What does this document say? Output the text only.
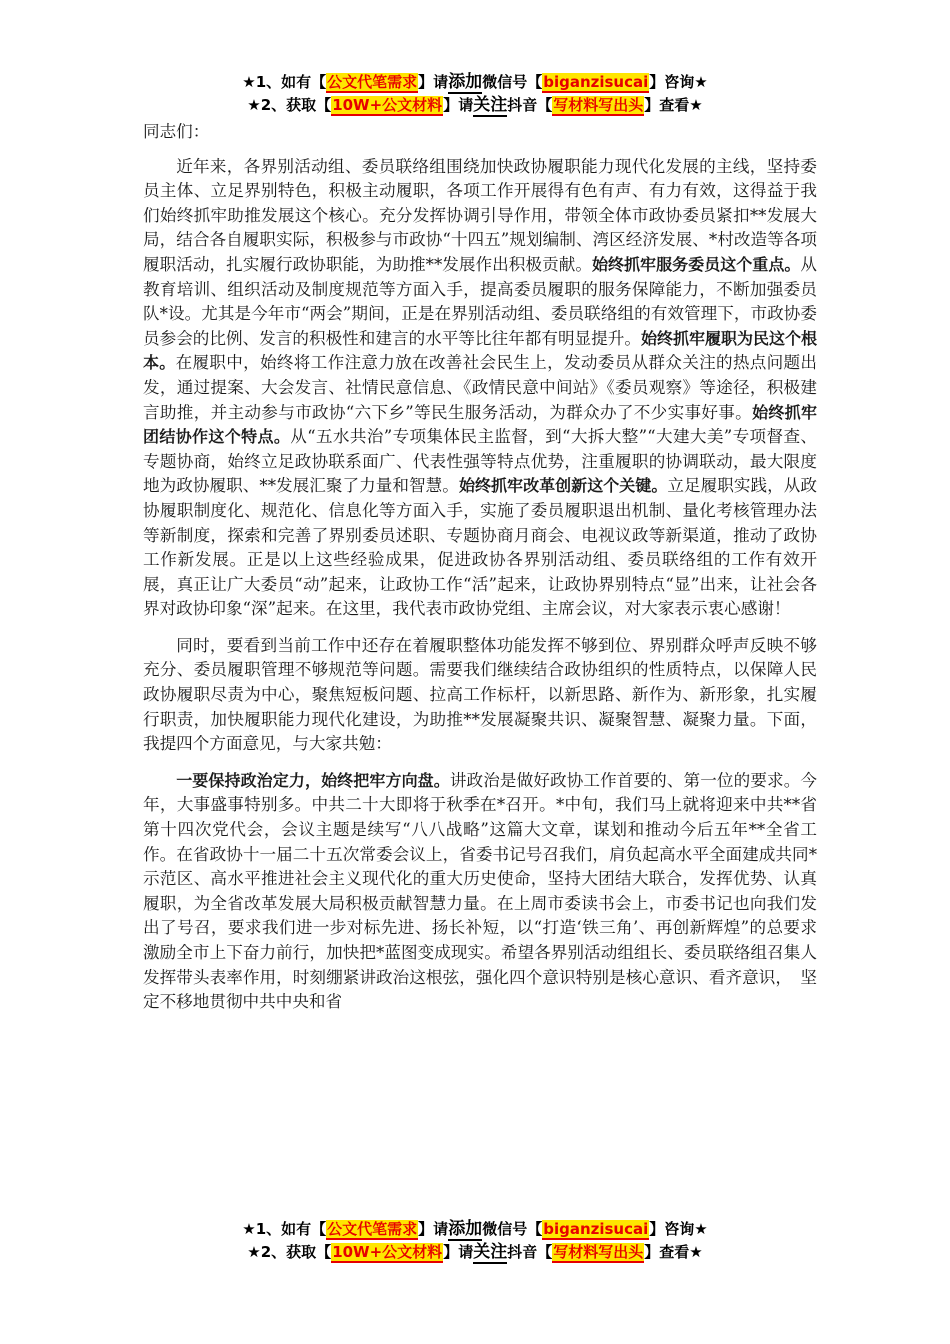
★1、如有【公文代笔需求】请添加微信号【biganzisucai】咨询★
★2、获取【10W+公文材料】请关注抖音【写材料写出头】查看★

同志们：

近年来，各界别活动组、委员联络组围绕加快政协履职能力现代化发展的主线，坚持委员主体、立足界别特色，积极主动履职，各项工作开展得有色有声、有力有效，这得益于我们始终抓牢助推发展这个核心。充分发挥协调引导作用，带领全体市政协委员紧扣**发展大局，结合各自履职实际，积极参与市政协“十四五”规划编制、湾区经济发展、*村改造等各项履职活动，扎实履行政协职能，为助推**发展作出积极贡献。始终抓牢服务委员这个重点。从教育培训、组织活动及制度规范等方面入手，提高委员履职的服务保障能力，不断加强委员队*设。尤其是今年市“两会”期间，正是在界别活动组、委员联络组的有效管理下，市政协委员参会的比例、发言的积极性和建言的水平等比往年都有明显提升。始终抓牢履职为民这个根本。在履职中，始终将工作注意力放在改善社会民生上，发动委员从群众关注的热点问题出发，通过提案、大会发言、社情民意信息、《政情民意中间站》《委员观察》等途径，积极建言助推，并主动参与市政协“六下乡”等民生服务活动，为群众办了不少实事好事。始终抓牢团结协作这个特点。从“五水共治”专项集体民主监督，到“大拆大整”“大建大美”专项督查、专题协商，始终立足政协联系面广、代表性强等特点优势，注重履职的协调联动，最大限度地为政协履职、**发展汇聚了力量和智慧。始终抓牢改革创新这个关键。立足履职实践，从政协履职制度化、规范化、信息化等方面入手，实施了委员履职退出机制、量化考核管理办法等新制度，探索和完善了界别委员述职、专题协商月商会、电视议政等新渠道，推动了政协工作新发展。正是以上这些经验成果，促进政协各界别活动组、委员联络组的工作有效开展，真正让广大委员“动”起来，让政协工作“活”起来，让政协界别特点“显”出来，让社会各界对政协印象“深”起来。在这里，我代表市政协党组、主席会议，对大家表示衷心感谢！

同时，要看到当前工作中还存在着履职整体功能发挥不够到位、界别群众呼声反映不够充分、委员履职管理不够规范等问题。需要我们继续结合政协组织的性质特点，以保障人民政协履职尽责为中心，聚焦短板问题、拉高工作标杆，以新思路、新作为、新形象，扎实履行职责，加快履职能力现代化建设，为助推**发展凝聚共识、凝聚智慧、凝聚力量。下面，我提四个方面意见，与大家共勉：

一要保持政治定力，始终把牢方向盘。讲政治是做好政协工作首要的、第一位的要求。今年，大事盛事特别多。中共二十大即将于秋季在*召开。*中旬，我们马上就将迎来中共**省第十四次党代会，会议主题是续写“八八战略”这篇大文章，谋划和推动今后五年**全省工作。在省政协十一届二十五次常委会议上，省委书记号召我们，肩负起高水平全面建成共同*示范区、高水平推进社会主义现代化的重大历史使命，坚持大团结大联合，发挥优势、认真履职，为全省改革发展大局积极贡献智慧力量。在上周市委读书会上，市委书记也向我们发出了号召，要求我们进一步对标先进、扬长补短，以“打造‘铁三角’、再创新辉煌”的总要求激励全市上下奋力前行，加快把*蓝图变成现实。希望各界别活动组组长、委员联络组召集人发挥带头表率作用，时刻绷紧讲政治这根弦，强化四个意识特别是核心意识、看齐意识，　坚定不移地贯彻中共中央和省

★1、如有【公文代笔需求】请添加微信号【biganzisucai】咨询★
★2、获取【10W+公文材料】请关注抖音【写材料写出头】查看★
